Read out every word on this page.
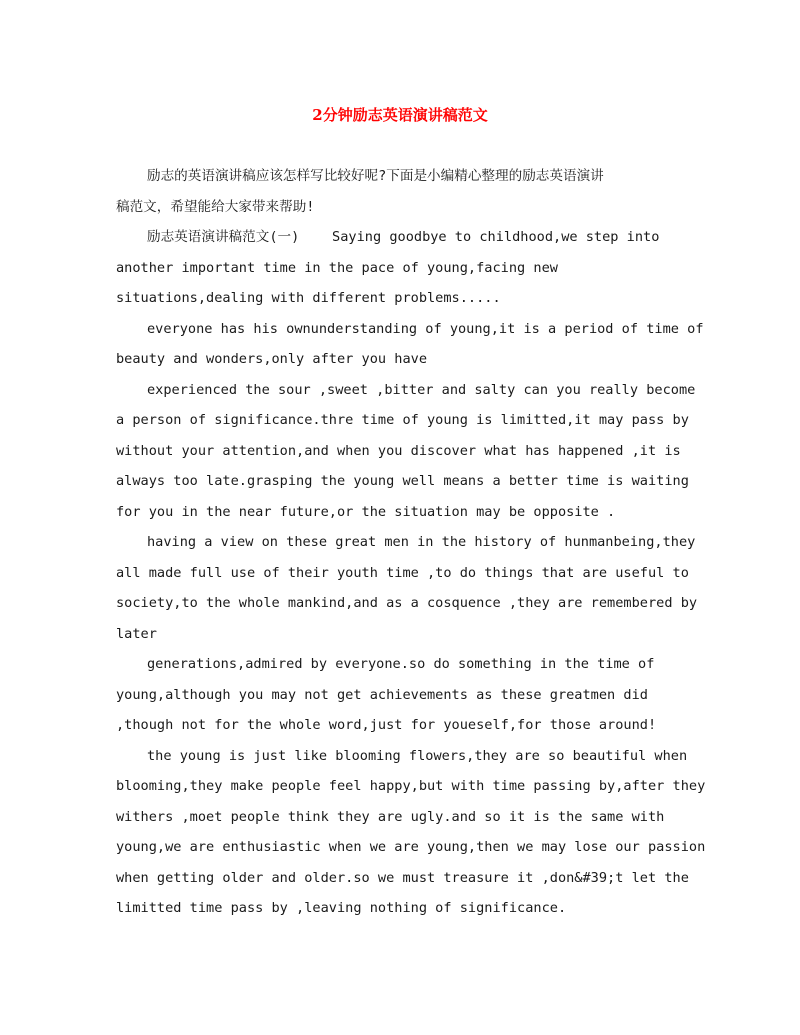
2分钟励志英语演讲稿范文
励志的英语演讲稿应该怎样写比较好呢?下面是小编精心整理的励志英语演讲
稿范文，希望能给大家带来帮助!
励志英语演讲稿范文(一)    Saying goodbye to childhood,we step into
another important time in the pace of young,facing new
situations,dealing with different problems.....
everyone has his ownunderstanding of young,it is a period of time of
beauty and wonders,only after you have
experienced the sour ,sweet ,bitter and salty can you really become
a person of significance.thre time of young is limitted,it may pass by
without your attention,and when you discover what has happened ,it is
always too late.grasping the young well means a better time is waiting
for you in the near future,or the situation may be opposite .
having a view on these great men in the history of hunmanbeing,they
all made full use of their youth time ,to do things that are useful to
society,to the whole mankind,and as a cosquence ,they are remembered by
later
generations,admired by everyone.so do something in the time of
young,although you may not get achievements as these greatmen did
,though not for the whole word,just for youeself,for those around!
the young is just like blooming flowers,they are so beautiful when
blooming,they make people feel happy,but with time passing by,after they
withers ,moet people think they are ugly.and so it is the same with
young,we are enthusiastic when we are young,then we may lose our passion
when getting older and older.so we must treasure it ,don&#39;t let the
limitted time pass by ,leaving nothing of significance.
